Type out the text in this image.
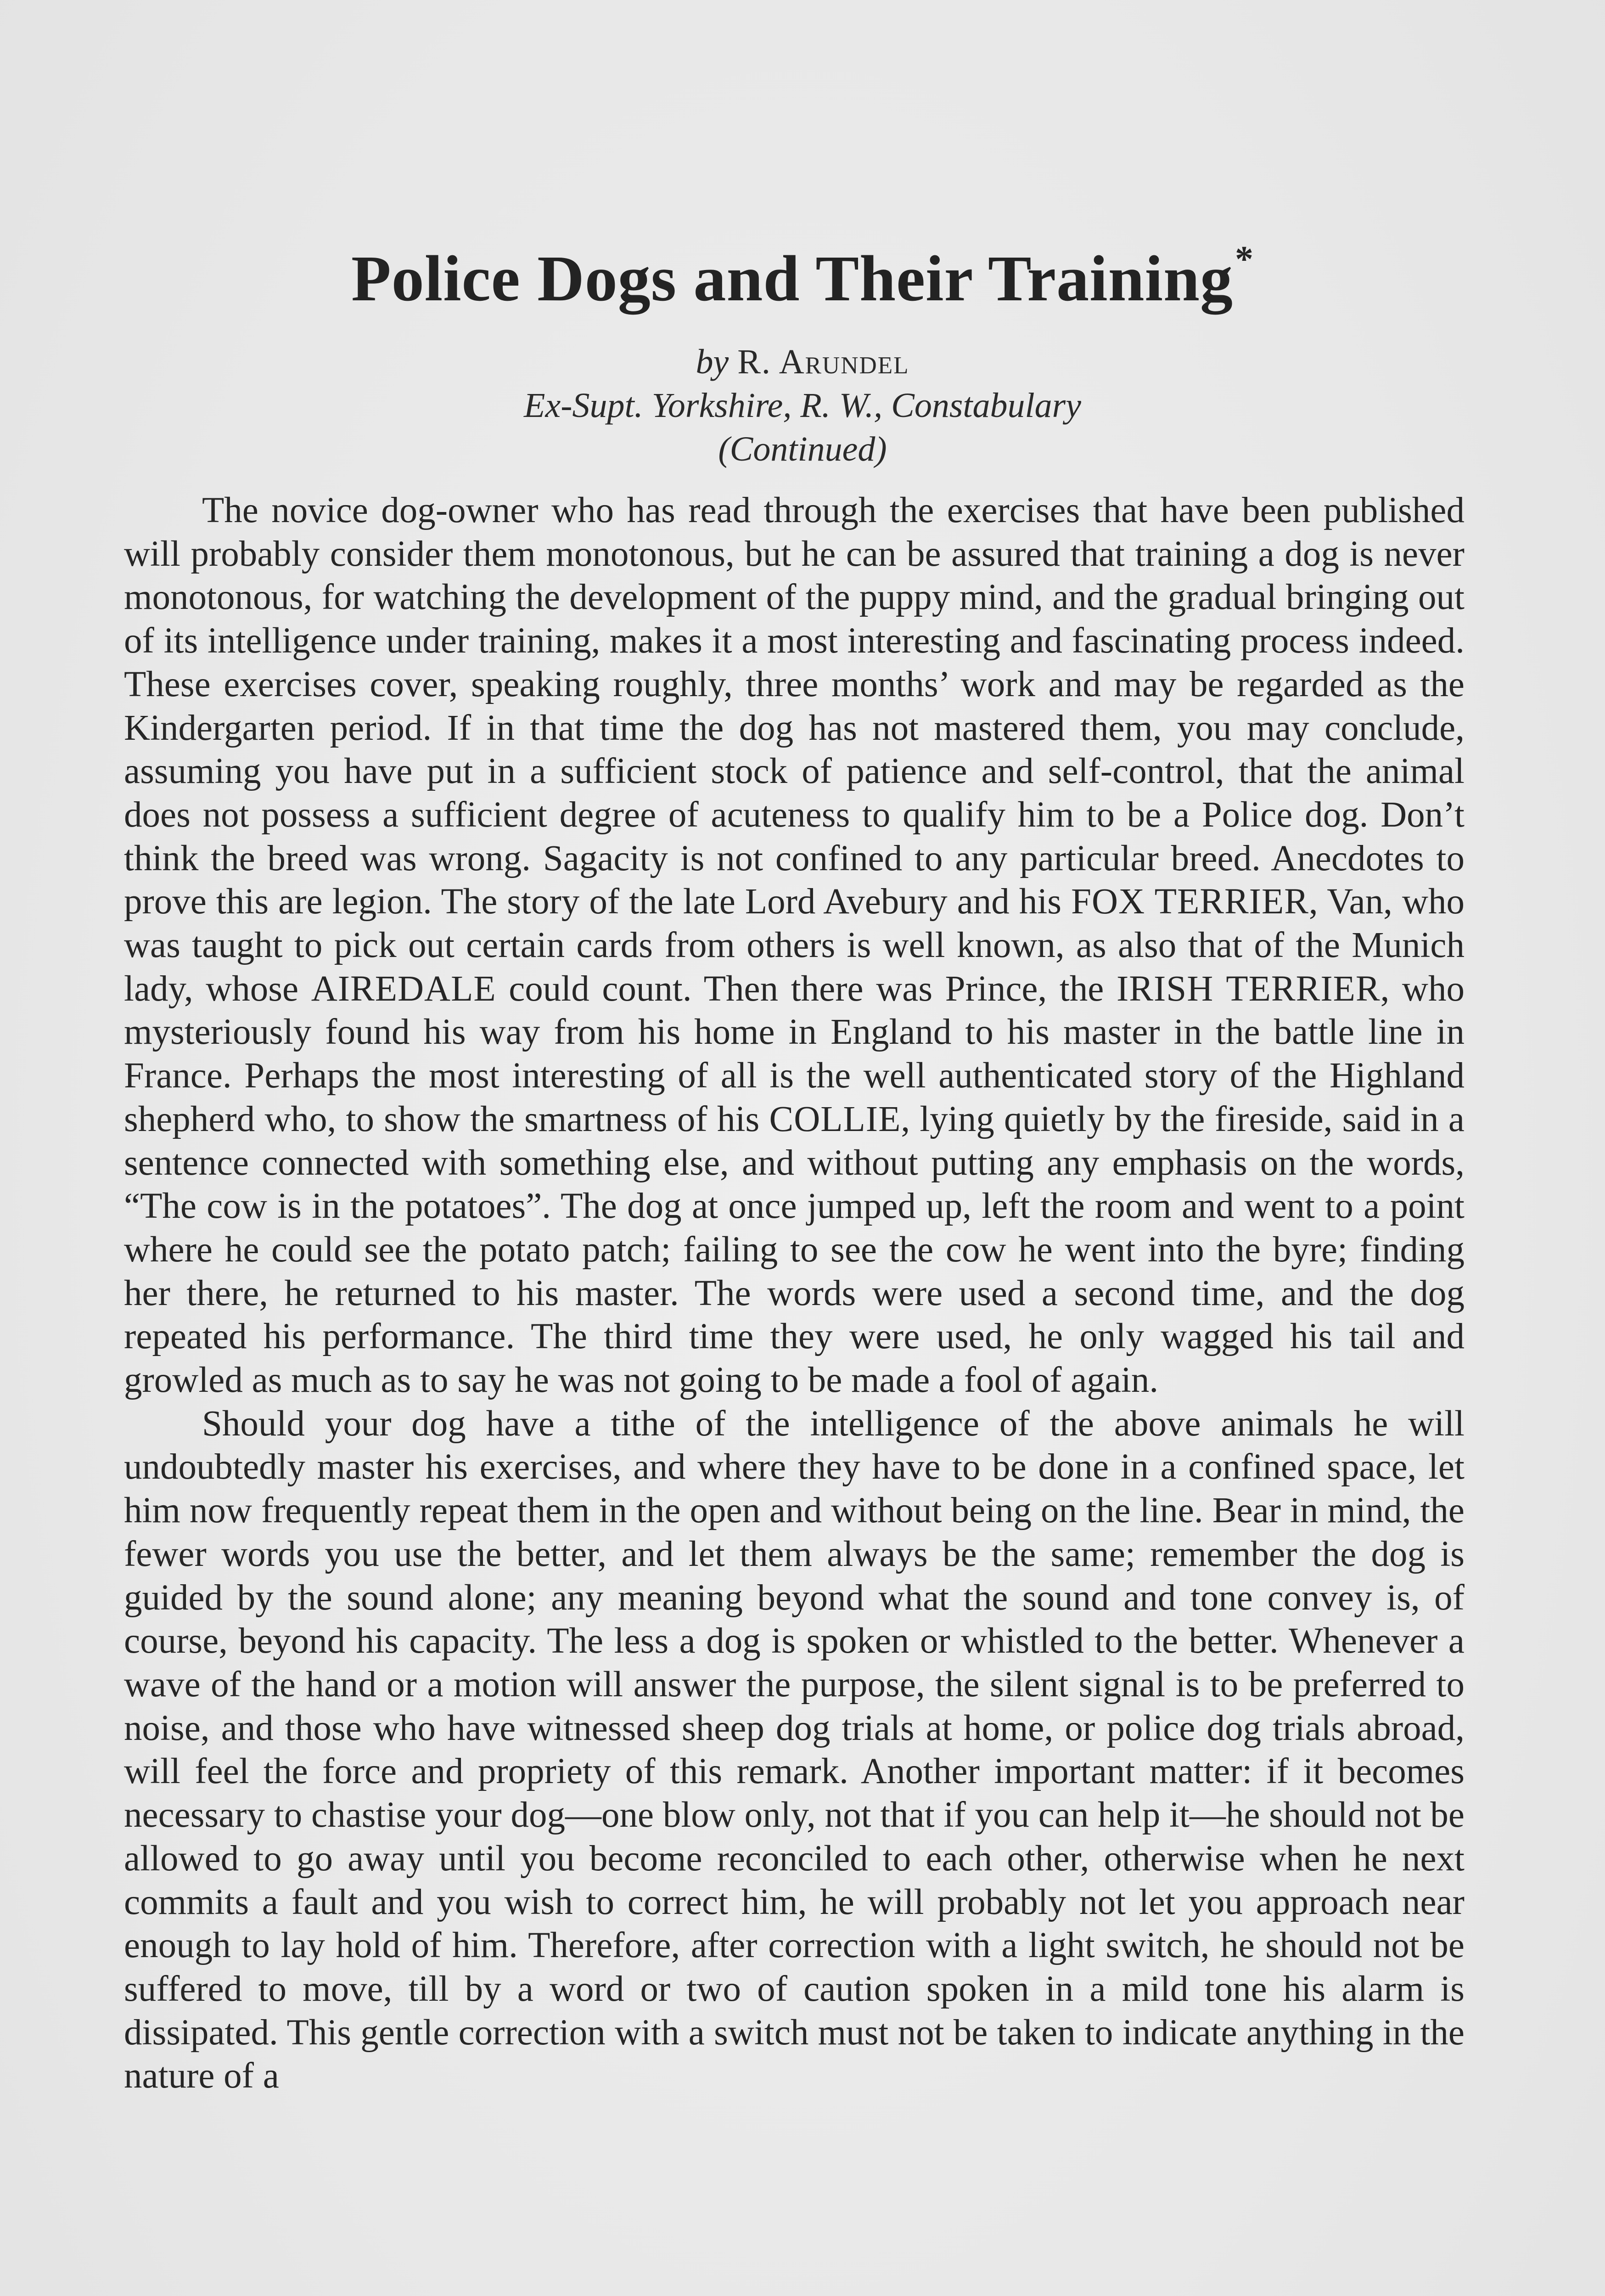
Police Dogs and Their Training*
by R. Arundel
Ex-Supt. Yorkshire, R. W., Constabulary
(Continued)

The novice dog-owner who has read through the exercises that have been published will probably consider them monotonous, but he can be assured that training a dog is never monotonous, for watching the development of the puppy mind, and the gradual bringing out of its intelligence under training, makes it a most interesting and fascinating process indeed. These exercises cover, speaking roughly, three months’ work and may be regarded as the Kindergarten period. If in that time the dog has not mastered them, you may conclude, assuming you have put in a sufficient stock of patience and self-control, that the animal does not possess a sufficient degree of acuteness to qualify him to be a Police dog. Don’t think the breed was wrong. Sagacity is not confined to any particular breed. Anecdotes to prove this are legion. The story of the late Lord Avebury and his FOX TERRIER, Van, who was taught to pick out certain cards from others is well known, as also that of the Munich lady, whose AIREDALE could count. Then there was Prince, the IRISH TERRIER, who mysteriously found his way from his home in England to his master in the battle line in France. Perhaps the most interesting of all is the well authenticated story of the Highland shepherd who, to show the smartness of his COLLIE, lying quietly by the fireside, said in a sentence connected with something else, and without putting any emphasis on the words, “The cow is in the potatoes”. The dog at once jumped up, left the room and went to a point where he could see the potato patch; failing to see the cow he went into the byre; finding her there, he returned to his master. The words were used a second time, and the dog repeated his performance. The third time they were used, he only wagged his tail and growled as much as to say he was not going to be made a fool of again.

Should your dog have a tithe of the intelligence of the above animals he will undoubtedly master his exercises, and where they have to be done in a confined space, let him now frequently repeat them in the open and without being on the line. Bear in mind, the fewer words you use the better, and let them always be the same; remember the dog is guided by the sound alone; any meaning beyond what the sound and tone convey is, of course, beyond his capacity. The less a dog is spoken or whistled to the better. Whenever a wave of the hand or a motion will answer the purpose, the silent signal is to be preferred to noise, and those who have witnessed sheep dog trials at home, or police dog trials abroad, will feel the force and propriety of this remark. Another important matter: if it becomes necessary to chastise your dog—one blow only, not that if you can help it—he should not be allowed to go away until you become reconciled to each other, otherwise when he next commits a fault and you wish to correct him, he will probably not let you approach near enough to lay hold of him. Therefore, after correction with a light switch, he should not be suffered to move, till by a word or two of caution spoken in a mild tone his alarm is dissipated. This gentle correction with a switch must not be taken to indicate anything in the nature of a
